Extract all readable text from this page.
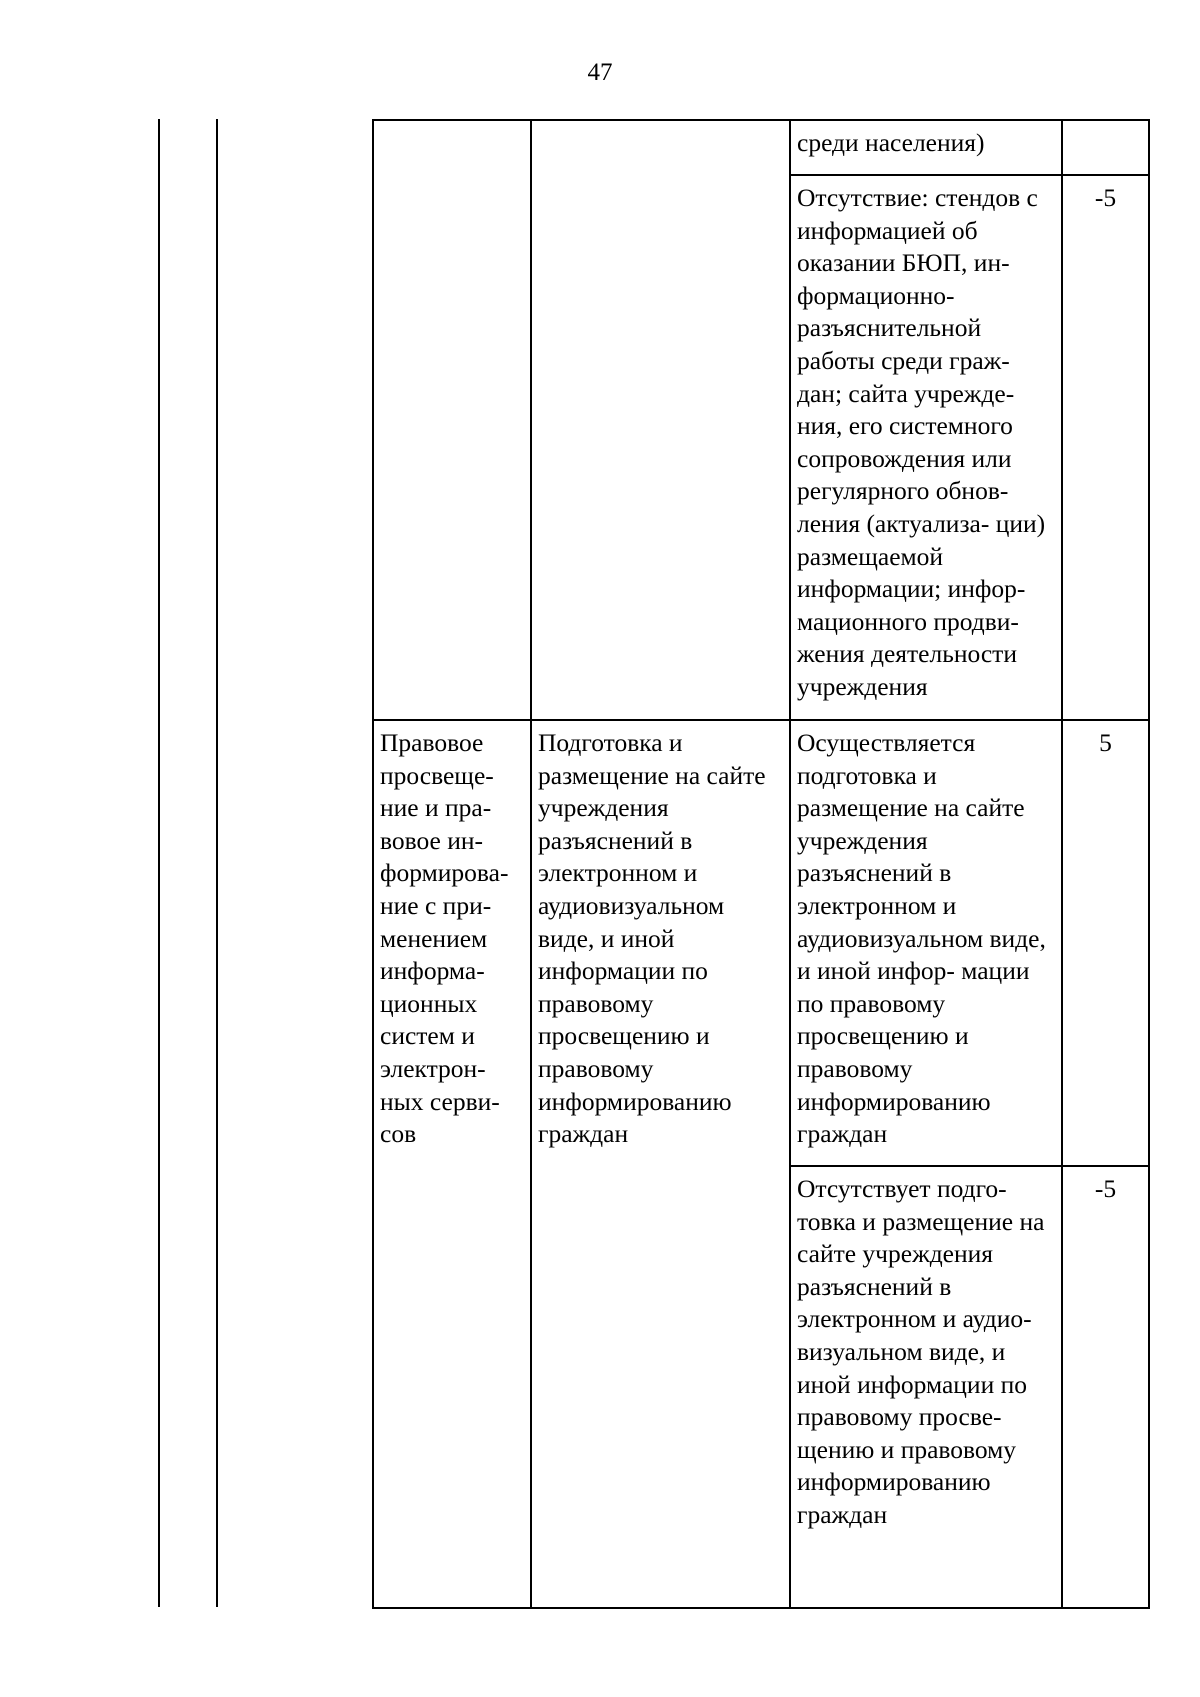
47
		среди населения)	
		Отсутствие: стендов с информацией об оказании БЮП, ин- формационно- разъяснительной работы среди граж- дан; сайта учрежде- ния, его системного сопровождения или регулярного обнов- ления (актуализа- ции) размещаемой информации; инфор- мационного продви- жения деятельности учреждения	-5
Правовое просвеще- ние и пра- вовое ин- формирова- ние с при- менением информа- ционных систем и электрон- ных серви- сов	Подготовка и размещение на сайте учреждения разъяснений в электронном и аудиовизуальном виде, и иной информации по правовому просвещению и правовому информированию граждан	Осуществляется подготовка и размещение на сайте учреждения разъяснений в электронном и аудиовизуальном виде, и иной инфор- мации по правовому просвещению и правовому информированию граждан	5
		Отсутствует подго- товка и размещение на сайте учреждения разъяснений в электронном и аудио-визуальном виде, и иной информации по правовому просве- щению и правовому информированию граждан	-5
